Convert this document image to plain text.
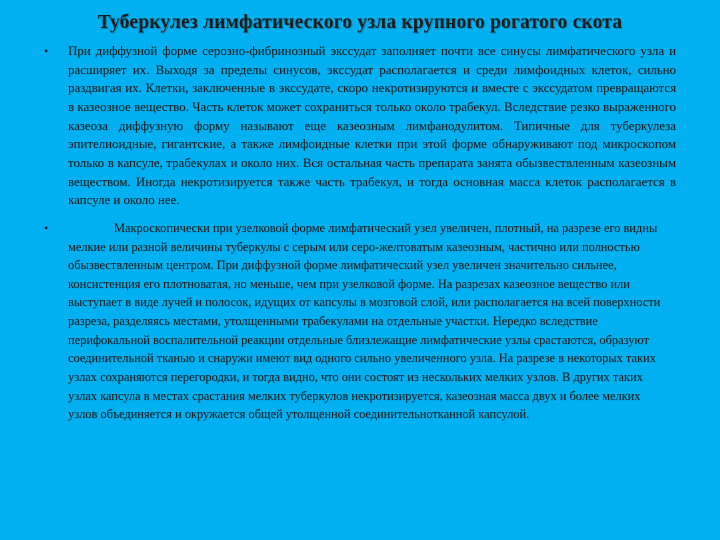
Туберкулез лимфатического узла крупного рогатого скота
• При диффузной форме серозно-фибринозный экссудат заполняет почти все синусы лимфатического узла и расширяет их. Выходя за пределы синусов, экссудат располагается и среди лимфоидных клеток, сильно раздвигая их. Клетки, заключенные в экссудате, скоро некротизируются и вместе с экссудатом превращаются в казеозное вещество. Часть клеток может сохраниться только около трабекул. Вследствие резко выраженного казеоза диффузную форму называют еще казеозным лимфанодулитом. Типичные для туберкулеза эпителиоидные, гигантские, а также лимфоидные клетки при этой форме обнаруживают под микроскопом только в капсуле, трабекулах и около них. Вся остальная часть препарата занята обызвествленным казеозным веществом. Иногда некротизируется также часть трабекул, и тогда основная масса клеток располагается в капсуле и около нее.

•	Макроскопически при узелковой форме лимфатический узел увеличен, плотный, на разрезе его видны мелкие или разной величины туберкулы с серым или серо-желтоватым казеозным, частично или полностью обызвествленным центром. При диффузной форме лимфатический узел увеличен значительно сильнее, консистенция его плотноватая, но меньше, чем при узелковой форме. На разрезах казеозное вещество или выступает в виде лучей и полосок, идущих от капсулы в мозговой слой, или располагается на всей поверхности разреза, разделяясь местами, утолщенными трабекулами на отдельные участки. Нередко вследствие перифокальной воспалительной реакции отдельные близлежащие лимфатические узлы срастаются, образуют соединительной тканью и снаружи имеют вид одного сильно увеличенного узла. На разрезе в некоторых таких узлах сохраняются перегородки, и тогда видно, что они состоят из нескольких мелких узлов. В других таких узлах капсула в местах срастания мелких туберкулов некротизируется, казеозная масса двух и более мелких узлов объединяется и окружается общей утолщенной соединительнотканной капсулой.
